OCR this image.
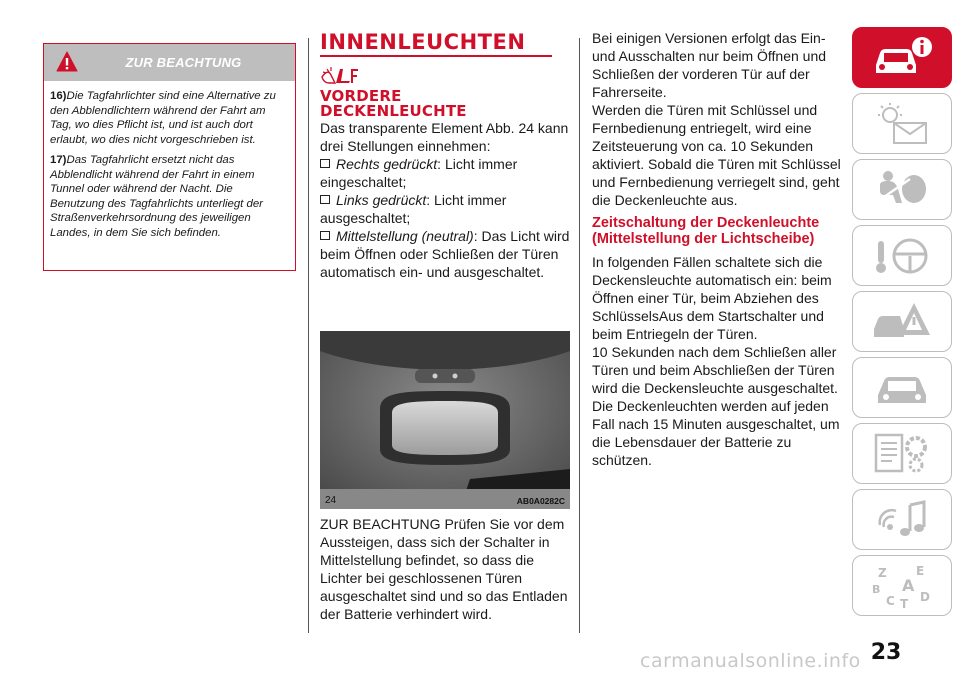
ZUR BEACHTUNG

16)Die Tagfahrlichter sind eine Alternative zu den Abblendlichtern während der Fahrt am Tag, wo dies Pflicht ist, und ist auch dort erlaubt, wo dies nicht vorgeschrieben ist.

17)Das Tagfahrlicht ersetzt nicht das Abblendlicht während der Fahrt in einem Tunnel oder während der Nacht. Die Benutzung des Tagfahrlichts unterliegt der Straßenverkehrsordnung des jeweiligen Landes, in dem Sie sich befinden.

INNENLEUCHTEN
VORDERE
DECKENLEUCHTE

Das transparente Element Abb. 24 kann drei Stellungen einnehmen:

Rechts gedrückt: Licht immer eingeschaltet;

Links gedrückt: Licht immer ausgeschaltet;

Mittelstellung (neutral): Das Licht wird beim Öffnen oder Schließen der Türen automatisch ein- und ausgeschaltet.

24	AB0A0282C

ZUR BEACHTUNG Prüfen Sie vor dem Aussteigen, dass sich der Schalter in Mittelstellung befindet, so dass die Lichter bei geschlossenen Türen ausgeschaltet sind und so das Entladen der Batterie verhindert wird.

Bei einigen Versionen erfolgt das Ein- und Ausschalten nur beim Öffnen und Schließen der vorderen Tür auf der Fahrerseite.

Werden die Türen mit Schlüssel und Fernbedienung entriegelt, wird eine Zeitsteuerung von ca. 10 Sekunden aktiviert. Sobald die Türen mit Schlüssel und Fernbedienung verriegelt sind, geht die Deckenleuchte aus.

Zeitschaltung der Deckenleuchte (Mittelstellung der Lichtscheibe)

In folgenden Fällen schaltete sich die Deckensleuchte automatisch ein: beim Öffnen einer Tür, beim Abziehen des SchlüsselsAus dem Startschalter und beim Entriegeln der Türen.

10 Sekunden nach dem Schließen aller Türen und beim Abschließen der Türen wird die Deckensleuchte ausgeschaltet.

Die Deckenleuchten werden auf jeden Fall nach 15 Minuten ausgeschaltet, um die Lebensdauer der Batterie zu schützen.

Z E
B A
C T D
23
carmanualsonline.info
